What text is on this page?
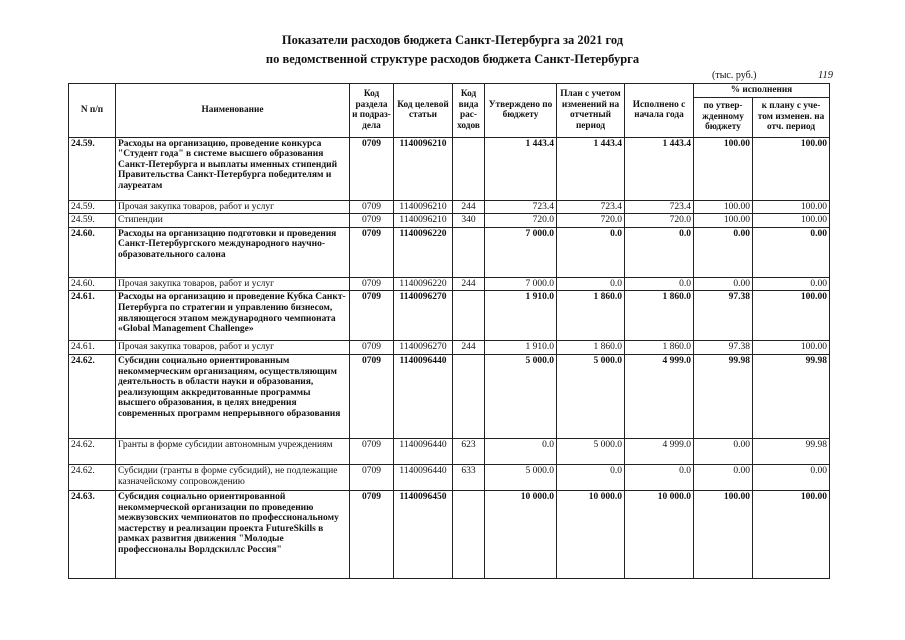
Показатели расходов бюджета Санкт-Петербурга за 2021 год
по ведомственной структуре расходов бюджета Санкт-Петербурга
(тыс. руб.)	119
N п/п	Наименование	Код раздела и подраз-дела	Код целевой статьи	Код вида рас-ходов	Утверждено по бюджету	План с учетом изменений на отчетный период	Исполнено с начала года	% исполнения	
								по утвер-жденному бюджету	к плану с уче-том изменен. на отч. период
24.59.	Расходы на организацию, проведение конкурса "Студент года" в системе высшего образования Санкт-Петербурга и выплаты именных стипендий Правительства Санкт-Петербурга победителям и лауреатам	0709	1140096210		1 443.4	1 443.4	1 443.4	100.00	100.00
24.59.	Прочая закупка товаров, работ и услуг	0709	1140096210	244	723.4	723.4	723.4	100.00	100.00
24.59.	Стипендии	0709	1140096210	340	720.0	720.0	720.0	100.00	100.00
24.60.	Расходы на организацию подготовки и проведения Санкт-Петербургского международного научно-образовательного салона	0709	1140096220		7 000.0	0.0	0.0	0.00	0.00
24.60.	Прочая закупка товаров, работ и услуг	0709	1140096220	244	7 000.0	0.0	0.0	0.00	0.00
24.61.	Расходы на организацию и проведение Кубка Санкт-Петербурга по стратегии и управлению бизнесом, являющегося этапом международного чемпионата «Global Management Challenge»	0709	1140096270		1 910.0	1 860.0	1 860.0	97.38	100.00
24.61.	Прочая закупка товаров, работ и услуг	0709	1140096270	244	1 910.0	1 860.0	1 860.0	97.38	100.00
24.62.	Субсидии социально ориентированным некоммерческим организациям, осуществляющим деятельность в области науки и образования, реализующим аккредитованные программы высшего образования, в целях внедрения современных программ непрерывного образования	0709	1140096440		5 000.0	5 000.0	4 999.0	99.98	99.98
24.62.	Гранты в форме субсидии автономным учреждениям	0709	1140096440	623	0.0	5 000.0	4 999.0	0.00	99.98
24.62.	Субсидии (гранты в форме субсидий), не подлежащие казначейскому сопровождению	0709	1140096440	633	5 000.0	0.0	0.0	0.00	0.00
24.63.	Субсидия социально ориентированной некоммерческой организации по проведению межвузовских чемпионатов по профессиональному мастерству и реализации проекта FutureSkills в рамках развития движения "Молодые профессионалы Ворлдскиллс Россия"	0709	1140096450		10 000.0	10 000.0	10 000.0	100.00	100.00
